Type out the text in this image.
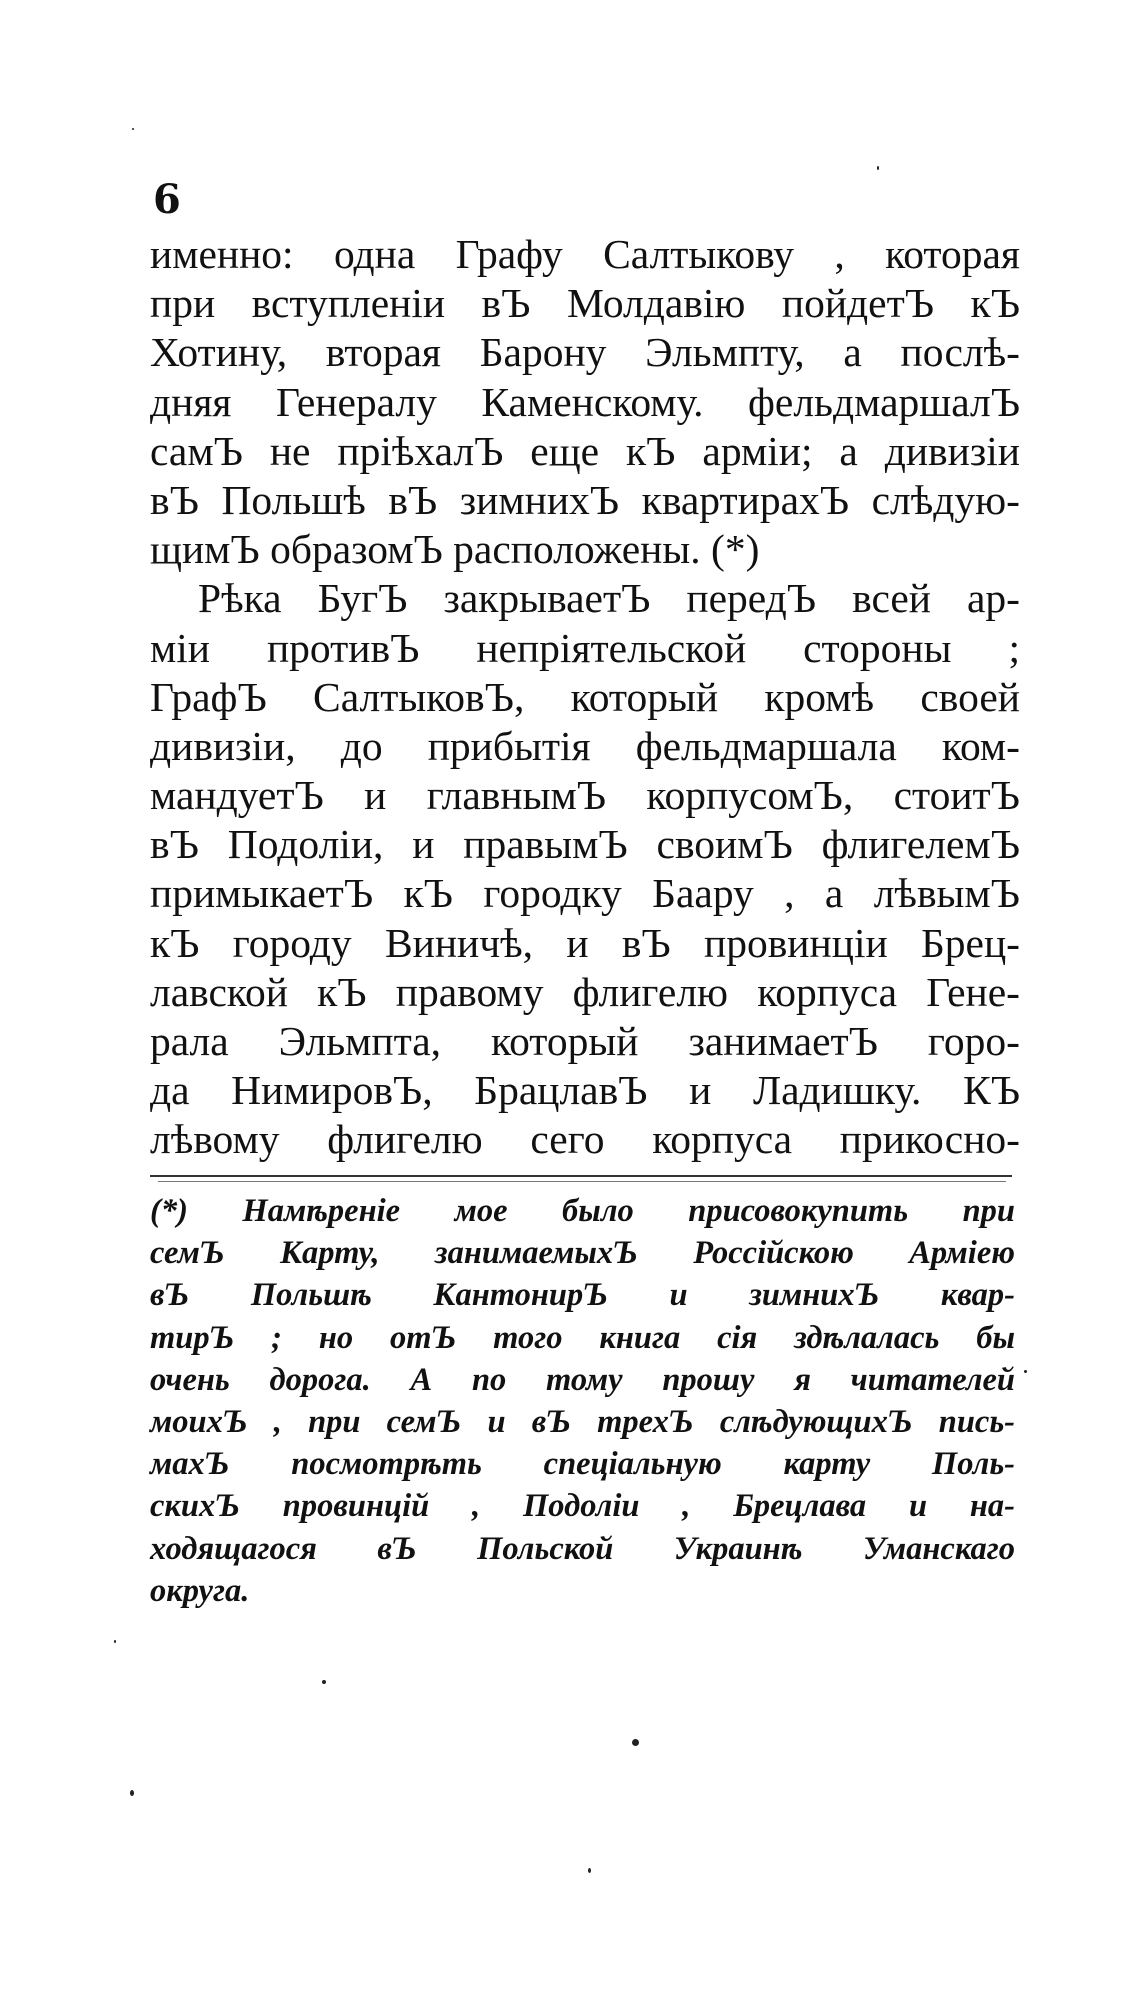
6
именно: одна Графу Салтыкову , которая
при вступленіи вЪ Молдавію пойдетЪ кЪ
Хотину, вторая Барону Эльмпту, а послѣ-
дняя Генералу Каменскому. фельдмаршалЪ
самЪ не пріѣхалЪ еще кЪ арміи; а дивизіи
вЪ Польшѣ вЪ зимнихЪ квартирахЪ слѣдую-
щимЪ образомЪ расположены. (*)
Рѣка БугЪ закрываетЪ передЪ всей ар-
міи противЪ непріятельской стороны ;
ГрафЪ СалтыковЪ, который кромѣ своей
дивизіи, до прибытія фельдмаршала ком-
мандуетЪ и главнымЪ корпусомЪ, стоитЪ
вЪ Подоліи, и правымЪ своимЪ флигелемЪ
примыкаетЪ кЪ городку Баару , а лѣвымЪ
кЪ городу Виничѣ, и вЪ провинціи Брец-
лавской кЪ правому флигелю корпуса Гене-
рала Эльмпта, который занимаетЪ горо-
да НимировЪ, БрацлавЪ и Ладишку. КЪ
лѣвому флигелю сего корпуса прикосно-
(*) Намѣреніе мое было присовокупить при
семЪ Карту, занимаемыхЪ Россійскою Арміею
вЪ Польшѣ КантонирЪ и зимнихЪ квар-
тирЪ ; но отЪ того книга сія здѣлалась бы
очень дорога. А по тому прошу я читателей
моихЪ , при семЪ и вЪ трехЪ слѣдующихЪ пись-
махЪ посмотрѣть спеціальную карту Поль-
скихЪ провинцій , Подоліи , Брецлава и на-
ходящагося вЪ Польской Украинѣ Уманскаго
округа.
